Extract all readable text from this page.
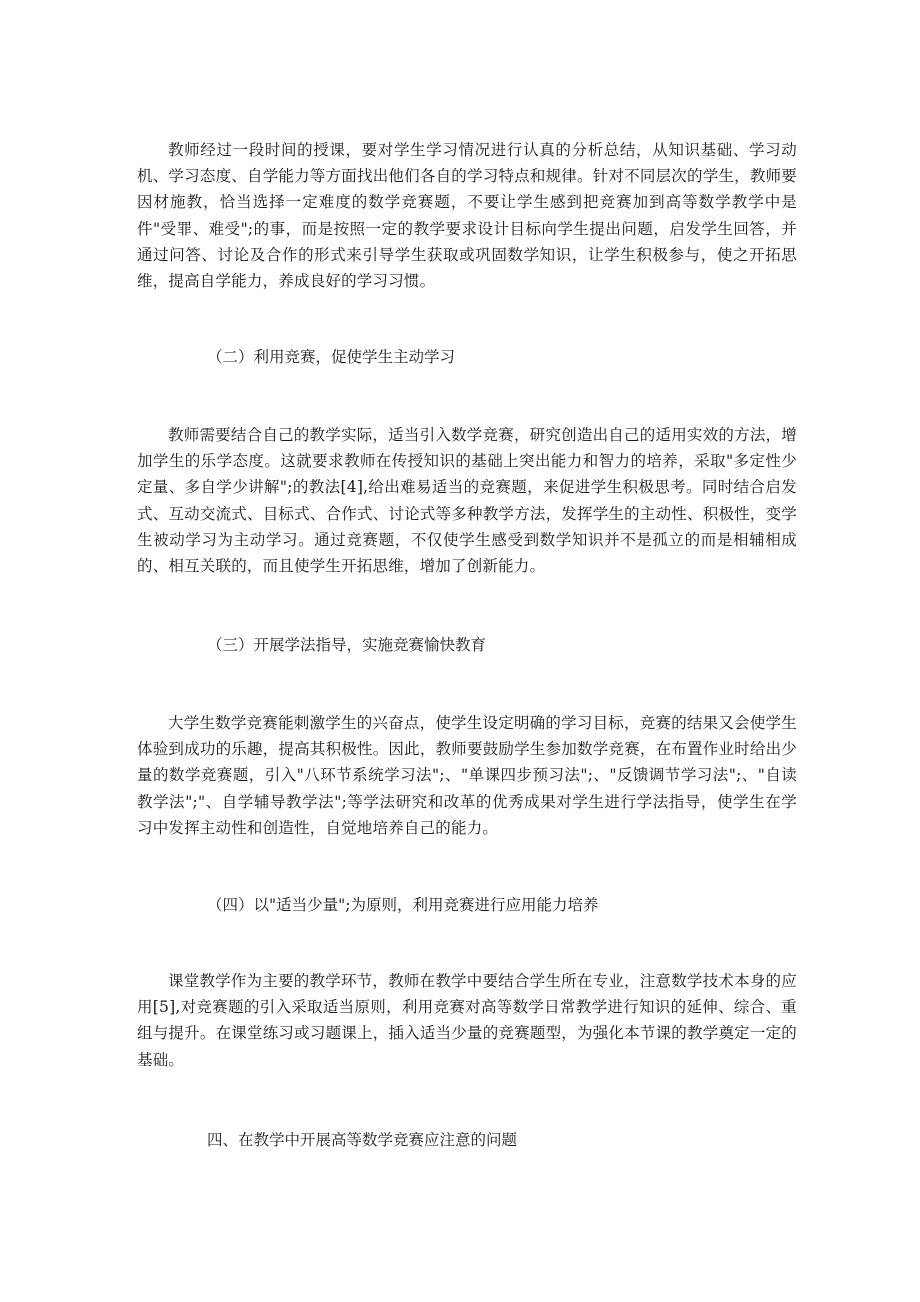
教师经过一段时间的授课，要对学生学习情况进行认真的分析总结，从知识基础、学习动机、学习态度、自学能力等方面找出他们各自的学习特点和规律。针对不同层次的学生，教师要因材施教，恰当选择一定难度的数学竞赛题，不要让学生感到把竞赛加到高等数学教学中是件"受罪、难受";的事，而是按照一定的教学要求设计目标向学生提出问题，启发学生回答，并通过问答、讨论及合作的形式来引导学生获取或巩固数学知识，让学生积极参与，使之开拓思维，提高自学能力，养成良好的学习习惯。

（二）利用竞赛，促使学生主动学习

教师需要结合自己的教学实际，适当引入数学竞赛，研究创造出自己的适用实效的方法，增加学生的乐学态度。这就要求教师在传授知识的基础上突出能力和智力的培养，采取"多定性少定量、多自学少讲解";的教法[4],给出难易适当的竞赛题，来促进学生积极思考。同时结合启发式、互动交流式、目标式、合作式、讨论式等多种教学方法，发挥学生的主动性、积极性，变学生被动学习为主动学习。通过竞赛题，不仅使学生感受到数学知识并不是孤立的而是相辅相成的、相互关联的，而且使学生开拓思维，增加了创新能力。

（三）开展学法指导，实施竞赛愉快教育

大学生数学竞赛能刺激学生的兴奋点，使学生设定明确的学习目标，竞赛的结果又会使学生体验到成功的乐趣，提高其积极性。因此，教师要鼓励学生参加数学竞赛，在布置作业时给出少量的数学竞赛题，引入"八环节系统学习法";、"单课四步预习法";、"反馈调节学习法";、"自读教学法";"、自学辅导教学法";等学法研究和改革的优秀成果对学生进行学法指导，使学生在学习中发挥主动性和创造性，自觉地培养自己的能力。

（四）以"适当少量";为原则，利用竞赛进行应用能力培养

课堂教学作为主要的教学环节，教师在教学中要结合学生所在专业，注意数学技术本身的应用[5],对竞赛题的引入采取适当原则，利用竞赛对高等数学日常教学进行知识的延伸、综合、重组与提升。在课堂练习或习题课上，插入适当少量的竞赛题型，为强化本节课的教学奠定一定的基础。

四、在教学中开展高等数学竞赛应注意的问题
